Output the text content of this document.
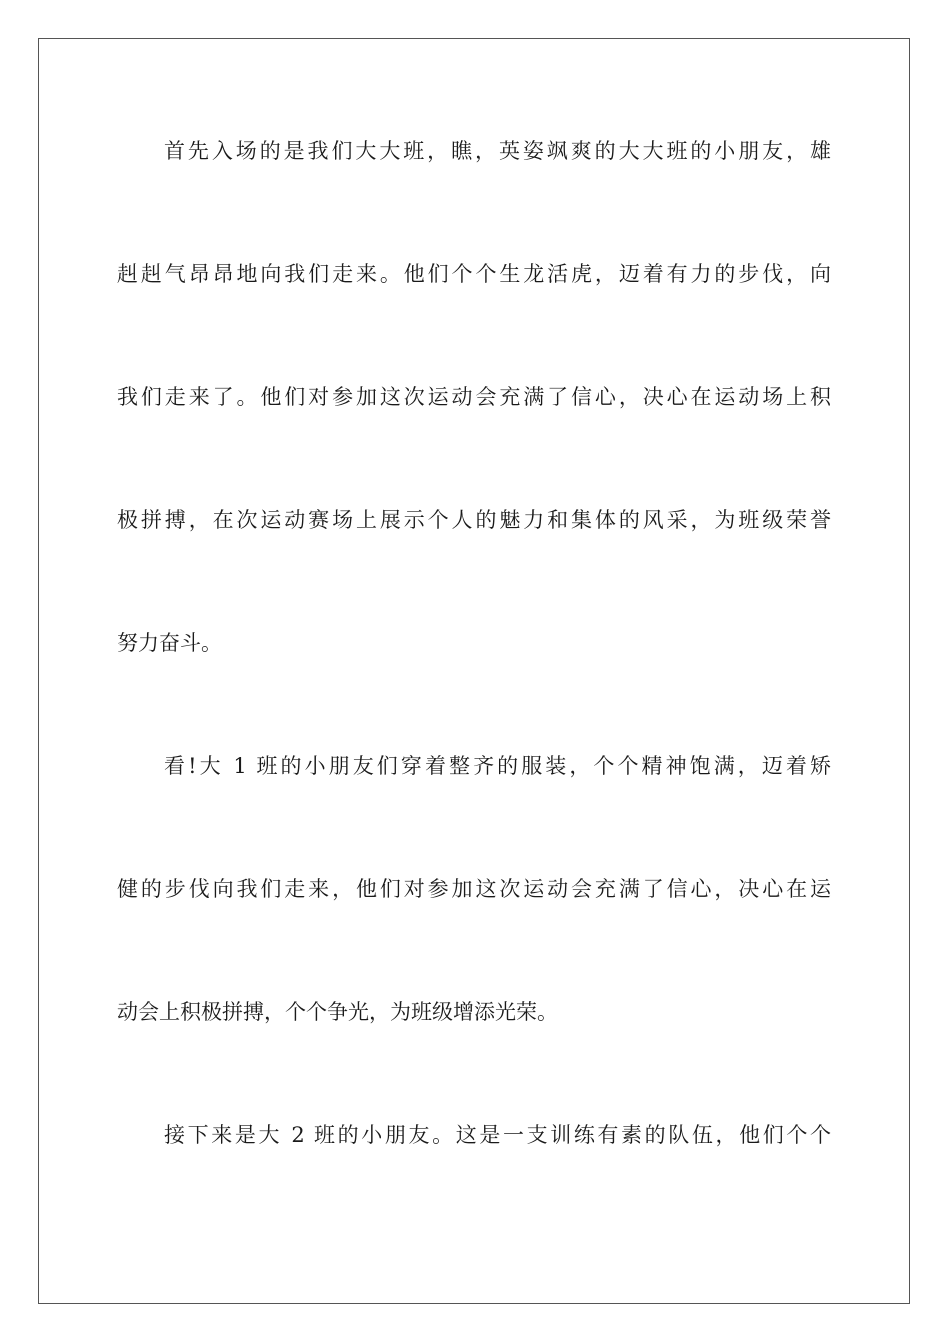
首先入场的是我们大大班，瞧，英姿飒爽的大大班的小朋友，雄
赳赳气昂昂地向我们走来。他们个个生龙活虎，迈着有力的步伐，向
我们走来了。他们对参加这次运动会充满了信心，决心在运动场上积
极拼搏，在次运动赛场上展示个人的魅力和集体的风采，为班级荣誉
努力奋斗。
看!大 1 班的小朋友们穿着整齐的服装，个个精神饱满，迈着矫
健的步伐向我们走来，他们对参加这次运动会充满了信心，决心在运
动会上积极拼搏，个个争光，为班级增添光荣。
接下来是大 2 班的小朋友。这是一支训练有素的队伍，他们个个
